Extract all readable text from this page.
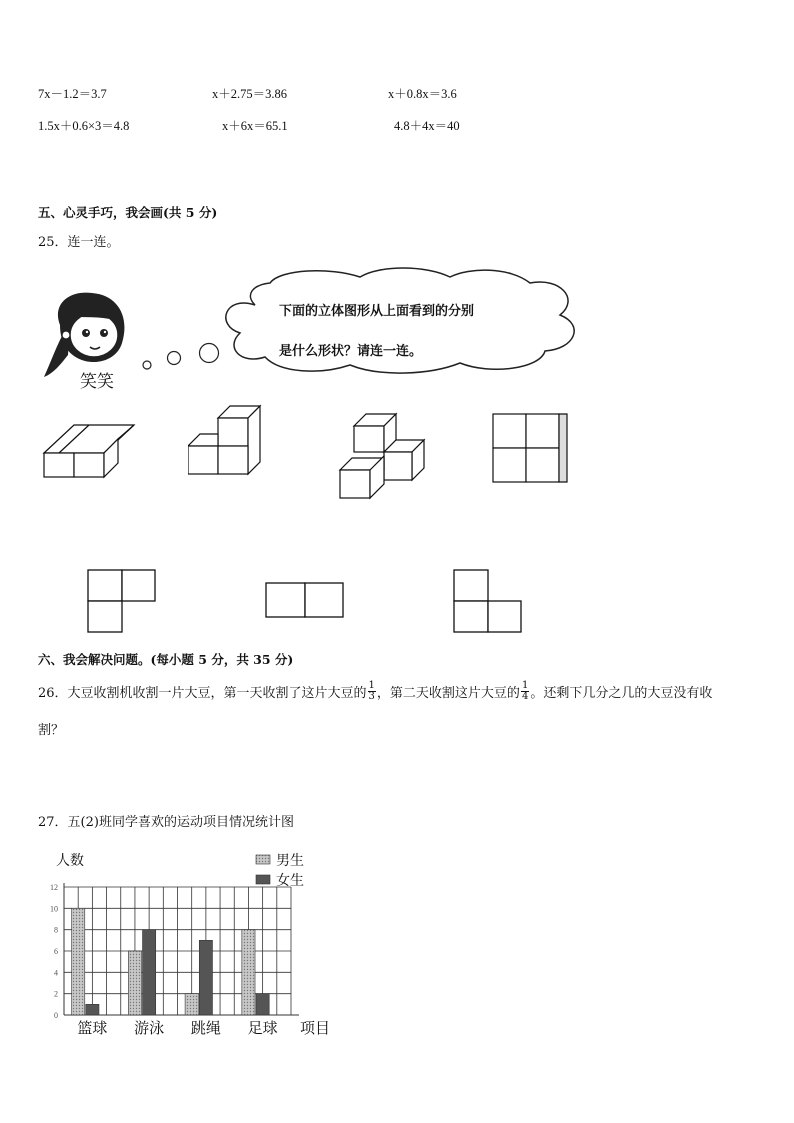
7x－1.2＝3.7	x＋2.75＝3.86	x＋0.8x＝3.6
1.5x＋0.6×3＝4.8	x＋6x＝65.1	4.8＋4x＝40
五、心灵手巧，我会画(共 5 分)
25．连一连。
笑笑
下面的立体图形从上面看到的分别
是什么形状？请连一连。
六、我会解决问题。(每小题 5 分，共 35 分)
26．大豆收割机收割一片大豆，第一天收割了这片大豆的 $\frac{1}{3}$ ，第二天收割这片大豆的 $\frac{1}{4}$ 。还剩下几分之几的大豆没有收
割？
27．五(2)班同学喜欢的运动项目情况统计图
0
2
4
6
8
10
12
篮球 游泳 跳绳 足球
人数
项目
男生
女生
